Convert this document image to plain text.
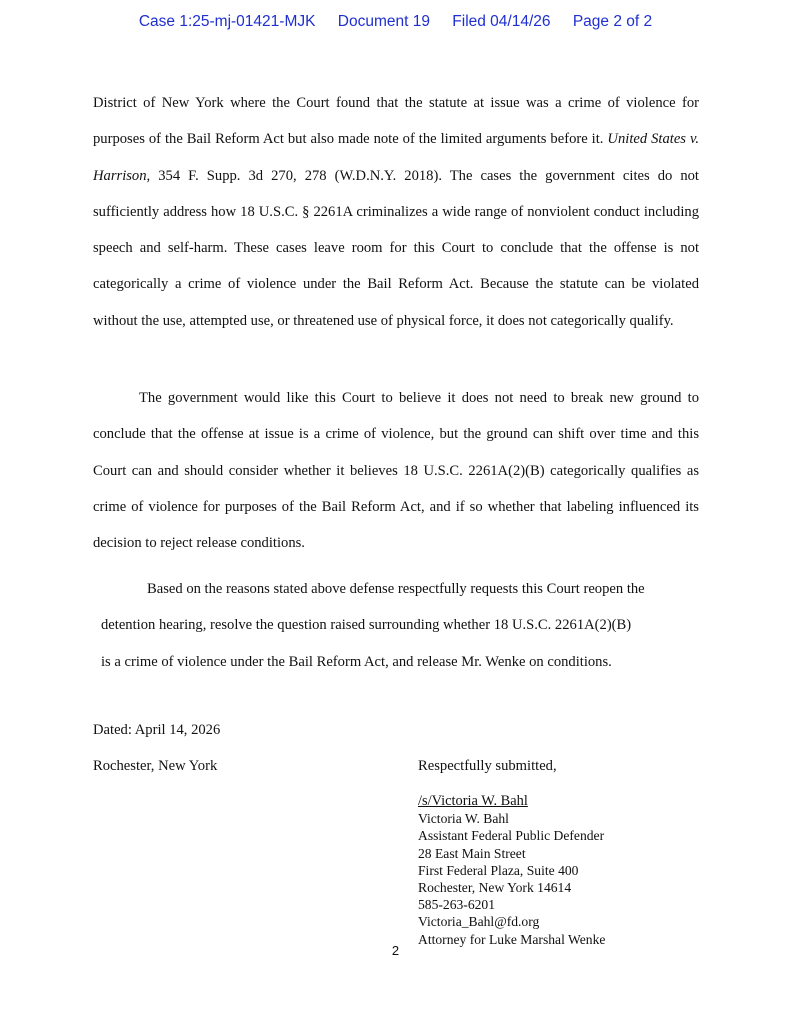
Case 1:25-mj-01421-MJK Document 19 Filed 04/14/26 Page 2 of 2

District of New York where the Court found that the statute at issue was a crime of violence for purposes of the Bail Reform Act but also made note of the limited arguments before it. United States v. Harrison, 354 F. Supp. 3d 270, 278 (W.D.N.Y. 2018). The cases the government cites do not sufficiently address how 18 U.S.C. § 2261A criminalizes a wide range of nonviolent conduct including speech and self-harm. These cases leave room for this Court to conclude that the offense is not categorically a crime of violence under the Bail Reform Act. Because the statute can be violated without the use, attempted use, or threatened use of physical force, it does not categorically qualify.

The government would like this Court to believe it does not need to break new ground to conclude that the offense at issue is a crime of violence, but the ground can shift over time and this Court can and should consider whether it believes 18 U.S.C. 2261A(2)(B) categorically qualifies as crime of violence for purposes of the Bail Reform Act, and if so whether that labeling influenced its decision to reject release conditions.

Based on the reasons stated above defense respectfully requests this Court reopen the
detention hearing, resolve the question raised surrounding whether 18 U.S.C. 2261A(2)(B)
is a crime of violence under the Bail Reform Act, and release Mr. Wenke on conditions.
Dated: April 14, 2026
Rochester, New York	Respectfully submitted,
/s/Victoria W. Bahl
Victoria W. Bahl
Assistant Federal Public Defender
28 East Main Street
First Federal Plaza, Suite 400
Rochester, New York 14614
585-263-6201
Victoria_Bahl@fd.org
Attorney for Luke Marshal Wenke
2
